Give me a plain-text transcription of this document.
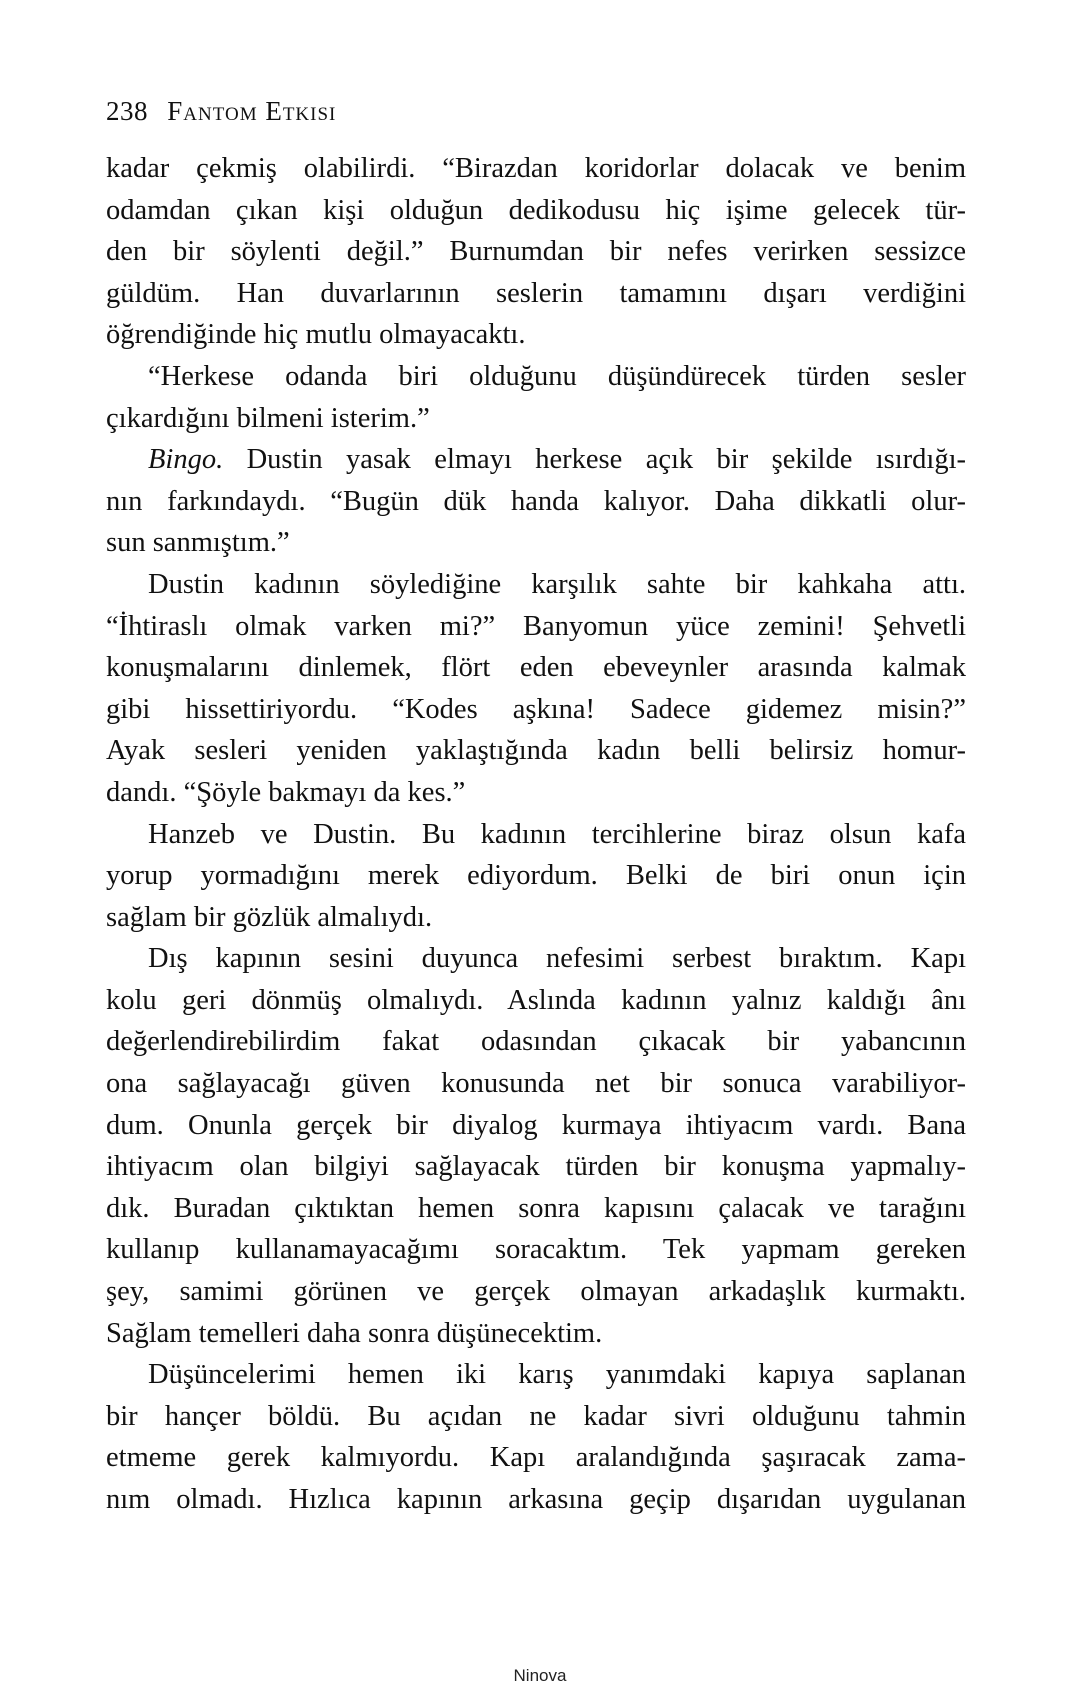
238 Fantom Etkisi
kadar çekmiş olabilirdi. “Birazdan koridorlar dolacak ve benim
odamdan çıkan kişi olduğun dedikodusu hiç işime gelecek tür-
den bir söylenti değil.” Burnumdan bir nefes verirken sessizce
güldüm. Han duvarlarının seslerin tamamını dışarı verdiğini
öğrendiğinde hiç mutlu olmayacaktı.
“Herkese odanda biri olduğunu düşündürecek türden sesler
çıkardığını bilmeni isterim.”
Bingo. Dustin yasak elmayı herkese açık bir şekilde ısırdığı-
nın farkındaydı. “Bugün dük handa kalıyor. Daha dikkatli olur-
sun sanmıştım.”
Dustin kadının söylediğine karşılık sahte bir kahkaha attı.
“İhtiraslı olmak varken mi?” Banyomun yüce zemini! Şehvetli
konuşmalarını dinlemek, flört eden ebeveynler arasında kalmak
gibi hissettiriyordu. “Kodes aşkına! Sadece gidemez misin?”
Ayak sesleri yeniden yaklaştığında kadın belli belirsiz homur-
dandı. “Şöyle bakmayı da kes.”
Hanzeb ve Dustin. Bu kadının tercihlerine biraz olsun kafa
yorup yormadığını merek ediyordum. Belki de biri onun için
sağlam bir gözlük almalıydı.
Dış kapının sesini duyunca nefesimi serbest bıraktım. Kapı
kolu geri dönmüş olmalıydı. Aslında kadının yalnız kaldığı ânı
değerlendirebilirdim fakat odasından çıkacak bir yabancının
ona sağlayacağı güven konusunda net bir sonuca varabiliyor-
dum. Onunla gerçek bir diyalog kurmaya ihtiyacım vardı. Bana
ihtiyacım olan bilgiyi sağlayacak türden bir konuşma yapmalıy-
dık. Buradan çıktıktan hemen sonra kapısını çalacak ve tarağını
kullanıp kullanamayacağımı soracaktım. Tek yapmam gereken
şey, samimi görünen ve gerçek olmayan arkadaşlık kurmaktı.
Sağlam temelleri daha sonra düşünecektim.
Düşüncelerimi hemen iki karış yanımdaki kapıya saplanan
bir hançer böldü. Bu açıdan ne kadar sivri olduğunu tahmin
etmeme gerek kalmıyordu. Kapı aralandığında şaşıracak zama-
nım olmadı. Hızlıca kapının arkasına geçip dışarıdan uygulanan
Ninova
